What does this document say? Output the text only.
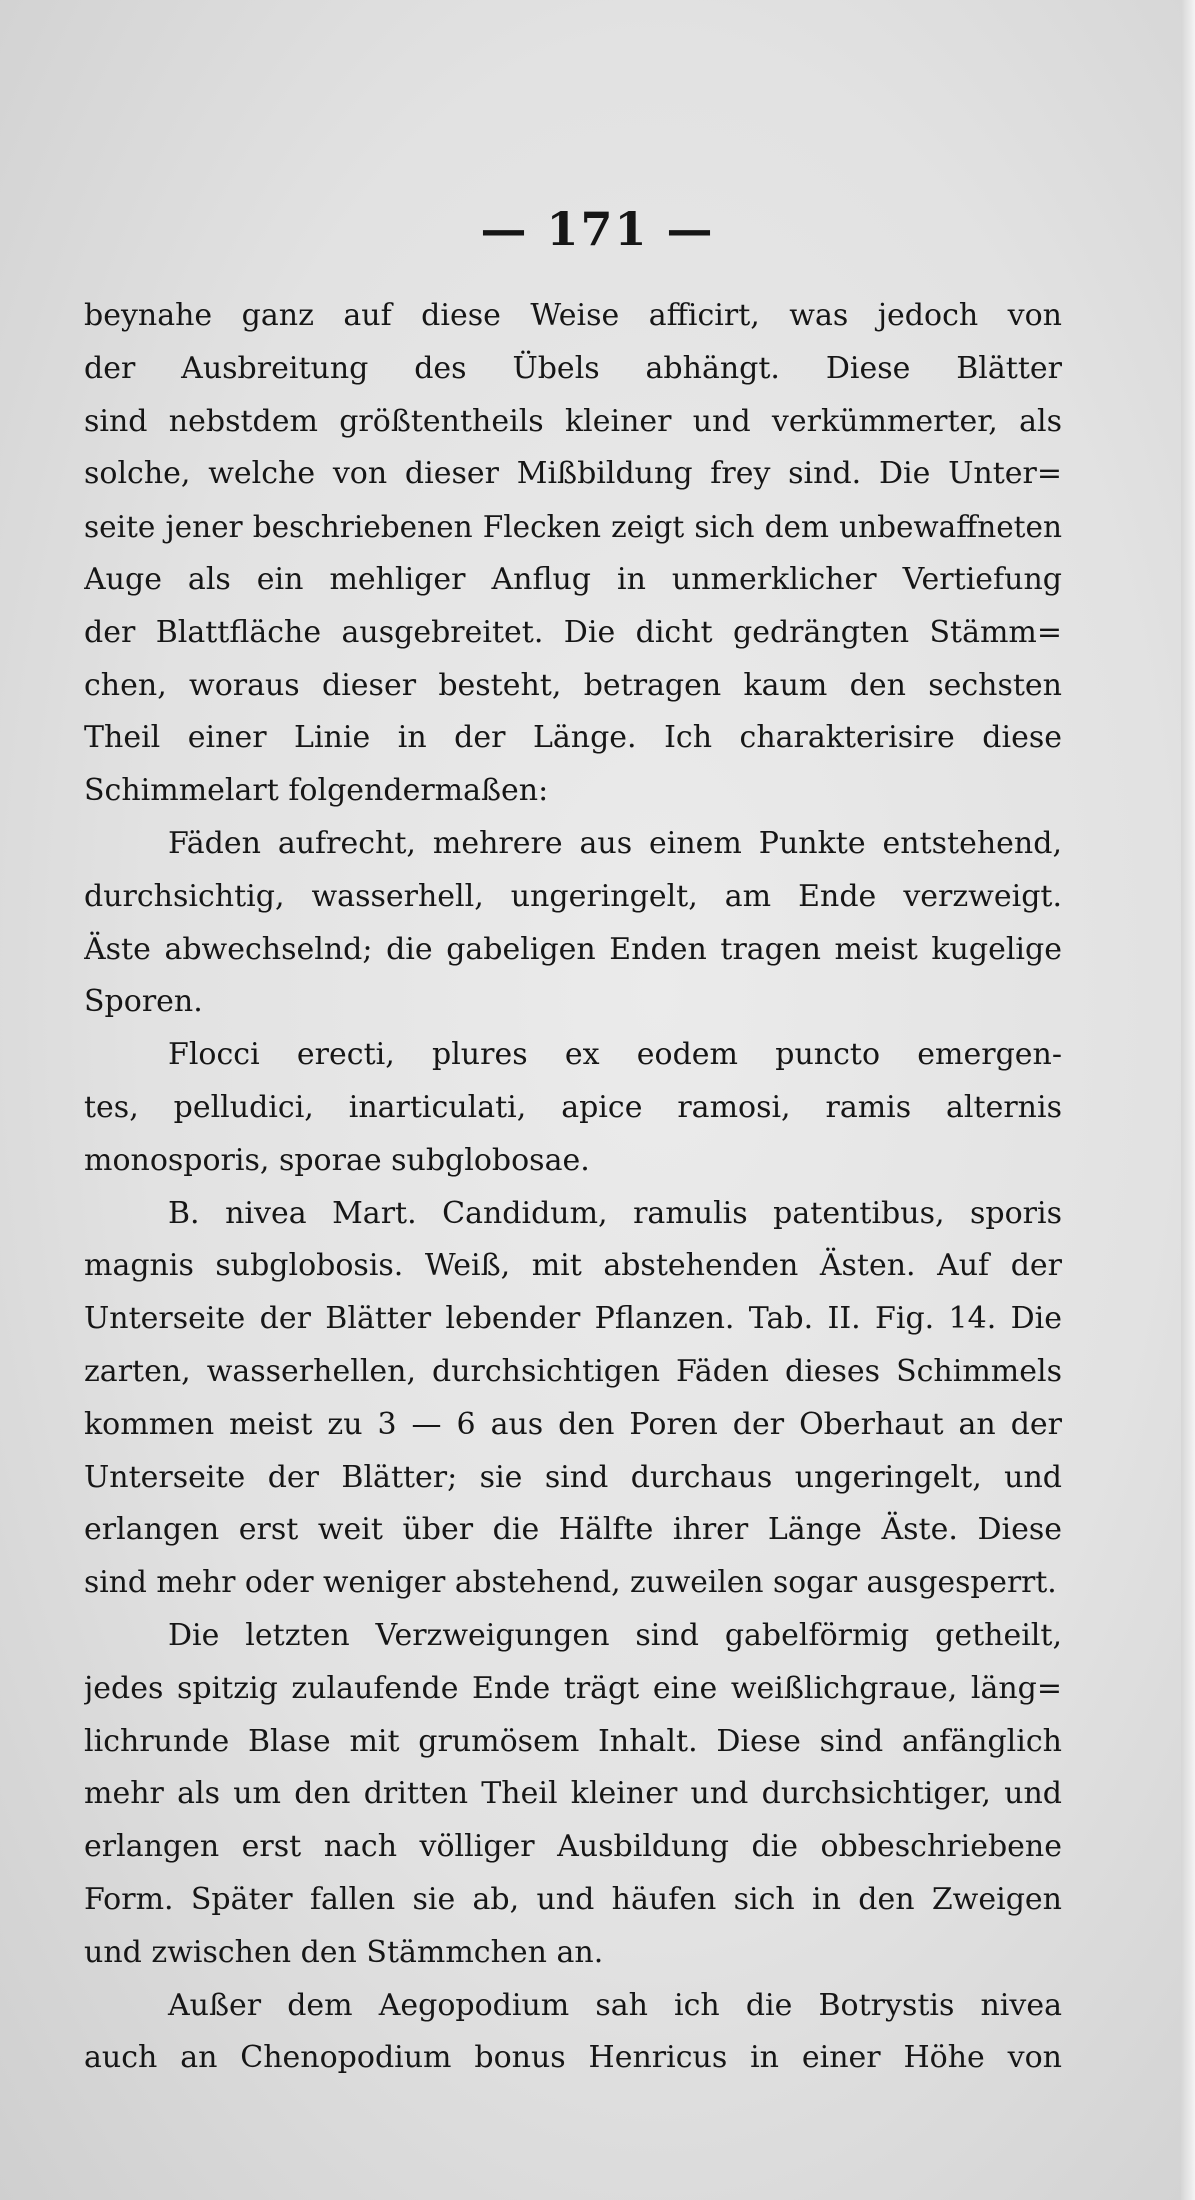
— 171 —
beynahe ganz auf diese Weise afficirt, was jedoch von
der Ausbreitung des Übels abhängt. Diese Blätter
sind nebstdem größtentheils kleiner und verkümmerter, als
solche, welche von dieser Mißbildung frey sind. Die Unter=
seite jener beschriebenen Flecken zeigt sich dem unbewaffneten
Auge als ein mehliger Anflug in unmerklicher Vertiefung
der Blattfläche ausgebreitet. Die dicht gedrängten Stämm=
chen, woraus dieser besteht, betragen kaum den sechsten
Theil einer Linie in der Länge. Ich charakterisire diese
Schimmelart folgendermaßen:
Fäden aufrecht, mehrere aus einem Punkte entstehend,
durchsichtig, wasserhell, ungeringelt, am Ende verzweigt.
Äste abwechselnd; die gabeligen Enden tragen meist kugelige
Sporen.
Flocci erecti, plures ex eodem puncto emergen-
tes, pelludici, inarticulati, apice ramosi, ramis alternis
monosporis, sporae subglobosae.
B. nivea Mart. Candidum, ramulis patentibus, sporis
magnis subglobosis. Weiß, mit abstehenden Ästen. Auf der
Unterseite der Blätter lebender Pflanzen. Tab. II. Fig. 14. Die
zarten, wasserhellen, durchsichtigen Fäden dieses Schimmels
kommen meist zu 3 — 6 aus den Poren der Oberhaut an der
Unterseite der Blätter; sie sind durchaus ungeringelt, und
erlangen erst weit über die Hälfte ihrer Länge Äste. Diese
sind mehr oder weniger abstehend, zuweilen sogar ausgesperrt.
Die letzten Verzweigungen sind gabelförmig getheilt,
jedes spitzig zulaufende Ende trägt eine weißlichgraue, läng=
lichrunde Blase mit grumösem Inhalt. Diese sind anfänglich
mehr als um den dritten Theil kleiner und durchsichtiger, und
erlangen erst nach völliger Ausbildung die obbeschriebene
Form. Später fallen sie ab, und häufen sich in den Zweigen
und zwischen den Stämmchen an.
Außer dem Aegopodium sah ich die Botrystis nivea
auch an Chenopodium bonus Henricus in einer Höhe von
